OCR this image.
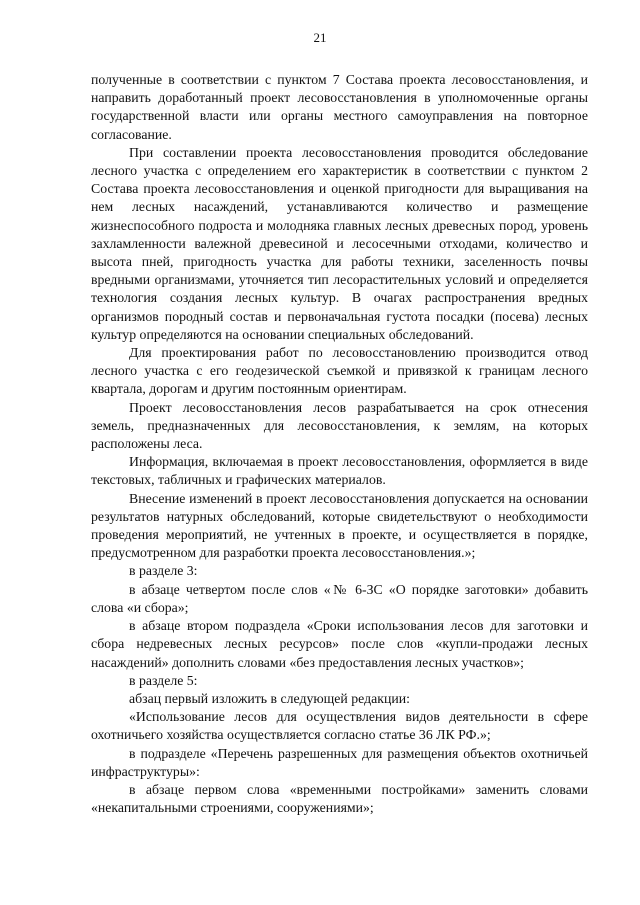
21

полученные в соответствии с пунктом 7 Состава проекта лесовосстановления, и направить доработанный проект лесовосстановления в уполномоченные органы государственной власти или органы местного самоуправления на повторное согласование.

При составлении проекта лесовосстановления проводится обследование лесного участка с определением его характеристик в соответствии с пунктом 2 Состава проекта лесовосстановления и оценкой пригодности для выращивания на нем лесных насаждений, устанавливаются количество и размещение жизнеспособного подроста и молодняка главных лесных древесных пород, уровень захламленности валежной древесиной и лесосечными отходами, количество и высота пней, пригодность участка для работы техники, заселенность почвы вредными организмами, уточняется тип лесорастительных условий и определяется технология создания лесных культур. В очагах распространения вредных организмов породный состав и первоначальная густота посадки (посева) лесных культур определяются на основании специальных обследований.

Для проектирования работ по лесовосстановлению производится отвод лесного участка с его геодезической съемкой и привязкой к границам лесного квартала, дорогам и другим постоянным ориентирам.

Проект лесовосстановления лесов разрабатывается на срок отнесения земель, предназначенных для лесовосстановления, к землям, на которых расположены леса.

Информация, включаемая в проект лесовосстановления, оформляется в виде текстовых, табличных и графических материалов.

Внесение изменений в проект лесовосстановления допускается на основании результатов натурных обследований, которые свидетельствуют о необходимости проведения мероприятий, не учтенных в проекте, и осуществляется в порядке, предусмотренном для разработки проекта лесовосстановления.»;

в разделе 3:

в абзаце четвертом после слов «№ 6-ЗС «О порядке заготовки» добавить слова «и сбора»;

в абзаце втором подраздела «Сроки использования лесов для заготовки и сбора недревесных лесных ресурсов» после слов «купли-продажи лесных насаждений» дополнить словами «без предоставления лесных участков»;

в разделе 5:

абзац первый изложить в следующей редакции:

«Использование лесов для осуществления видов деятельности в сфере охотничьего хозяйства осуществляется согласно статье 36 ЛК РФ.»;

в подразделе «Перечень разрешенных для размещения объектов охотничьей инфраструктуры»:

в абзаце первом слова «временными постройками» заменить словами «некапитальными строениями, сооружениями»;
